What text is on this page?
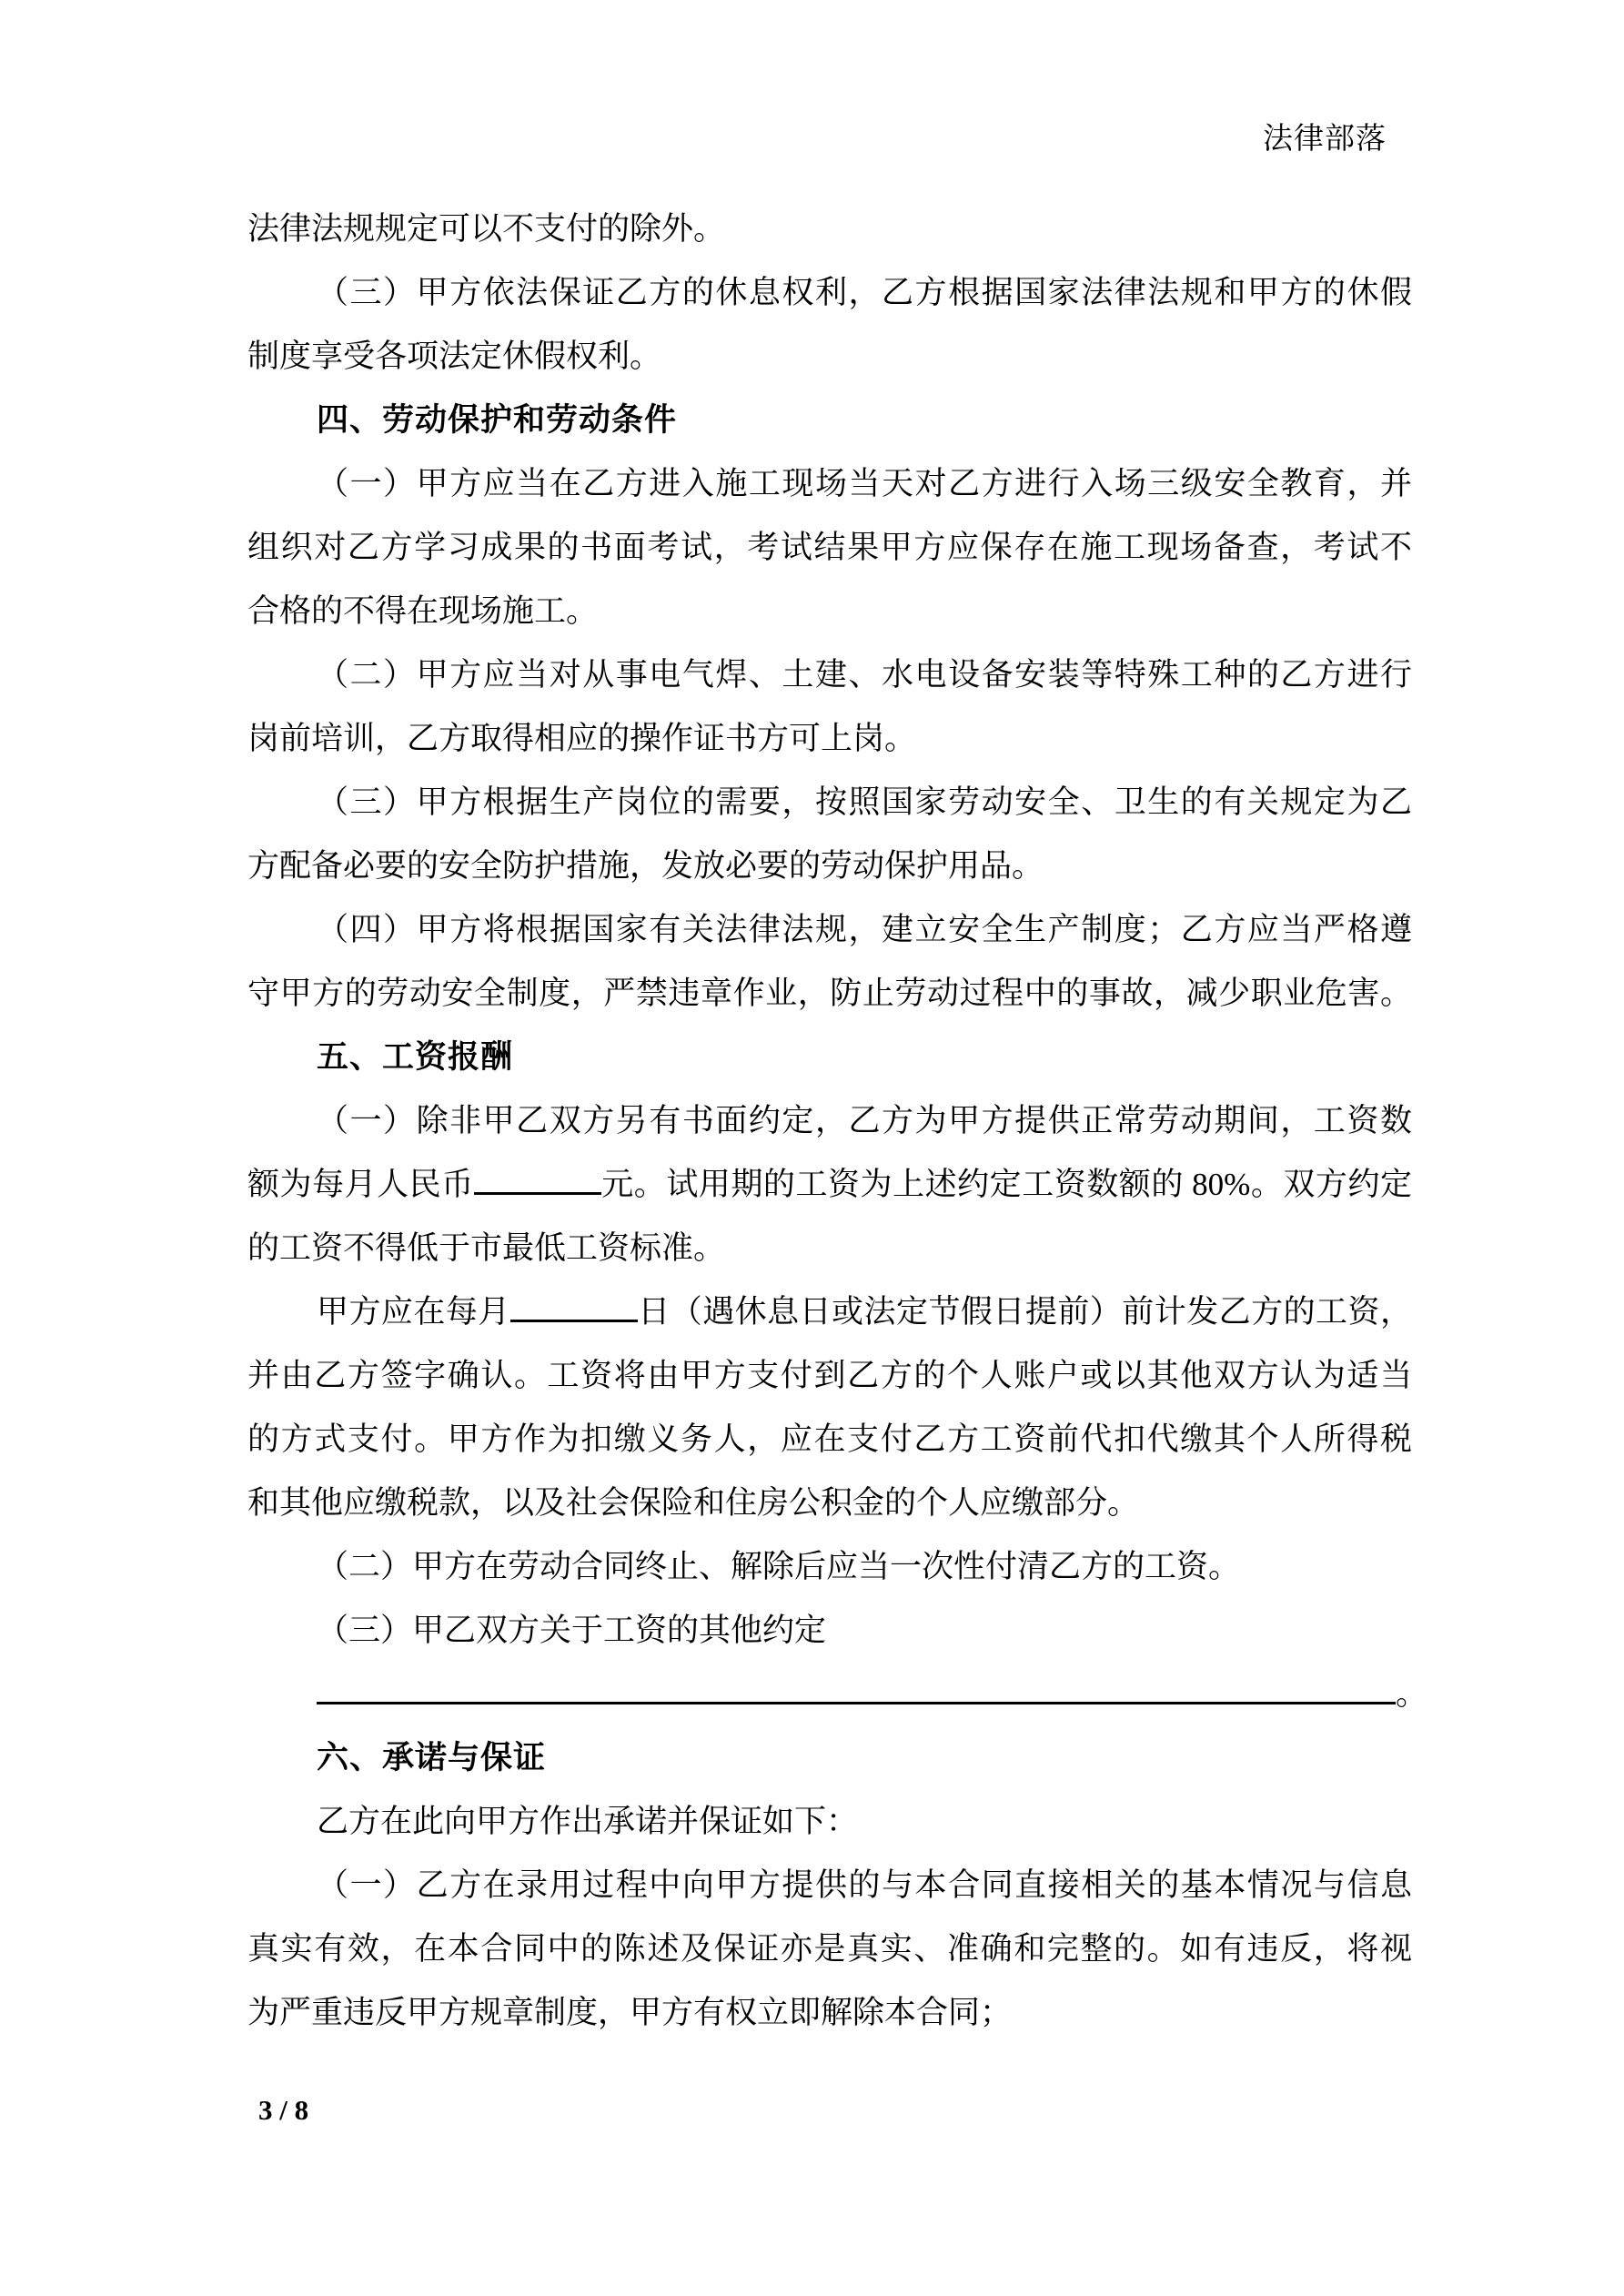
法律部落
法律法规规定可以不支付的除外。
（三）甲方依法保证乙方的休息权利，乙方根据国家法律法规和甲方的休假
制度享受各项法定休假权利。
四、劳动保护和劳动条件
（一）甲方应当在乙方进入施工现场当天对乙方进行入场三级安全教育，并
组织对乙方学习成果的书面考试，考试结果甲方应保存在施工现场备查，考试不
合格的不得在现场施工。
（二）甲方应当对从事电气焊、土建、水电设备安装等特殊工种的乙方进行
岗前培训，乙方取得相应的操作证书方可上岗。
（三）甲方根据生产岗位的需要，按照国家劳动安全、卫生的有关规定为乙
方配备必要的安全防护措施，发放必要的劳动保护用品。
（四）甲方将根据国家有关法律法规，建立安全生产制度；乙方应当严格遵
守甲方的劳动安全制度，严禁违章作业，防止劳动过程中的事故，减少职业危害。
五、工资报酬
（一）除非甲乙双方另有书面约定，乙方为甲方提供正常劳动期间，工资数
额为每月人民币	元。试用期的工资为上述约定工资数额的 80%。双方约定
的工资不得低于市最低工资标准。
甲方应在每月	日（遇休息日或法定节假日提前）前计发乙方的工资，
并由乙方签字确认。工资将由甲方支付到乙方的个人账户或以其他双方认为适当
的方式支付。甲方作为扣缴义务人，应在支付乙方工资前代扣代缴其个人所得税
和其他应缴税款，以及社会保险和住房公积金的个人应缴部分。
（二）甲方在劳动合同终止、解除后应当一次性付清乙方的工资。
（三）甲乙双方关于工资的其他约定
。
六、承诺与保证
乙方在此向甲方作出承诺并保证如下：
（一）乙方在录用过程中向甲方提供的与本合同直接相关的基本情况与信息
真实有效，在本合同中的陈述及保证亦是真实、准确和完整的。如有违反，将视
为严重违反甲方规章制度，甲方有权立即解除本合同；
3 / 8
